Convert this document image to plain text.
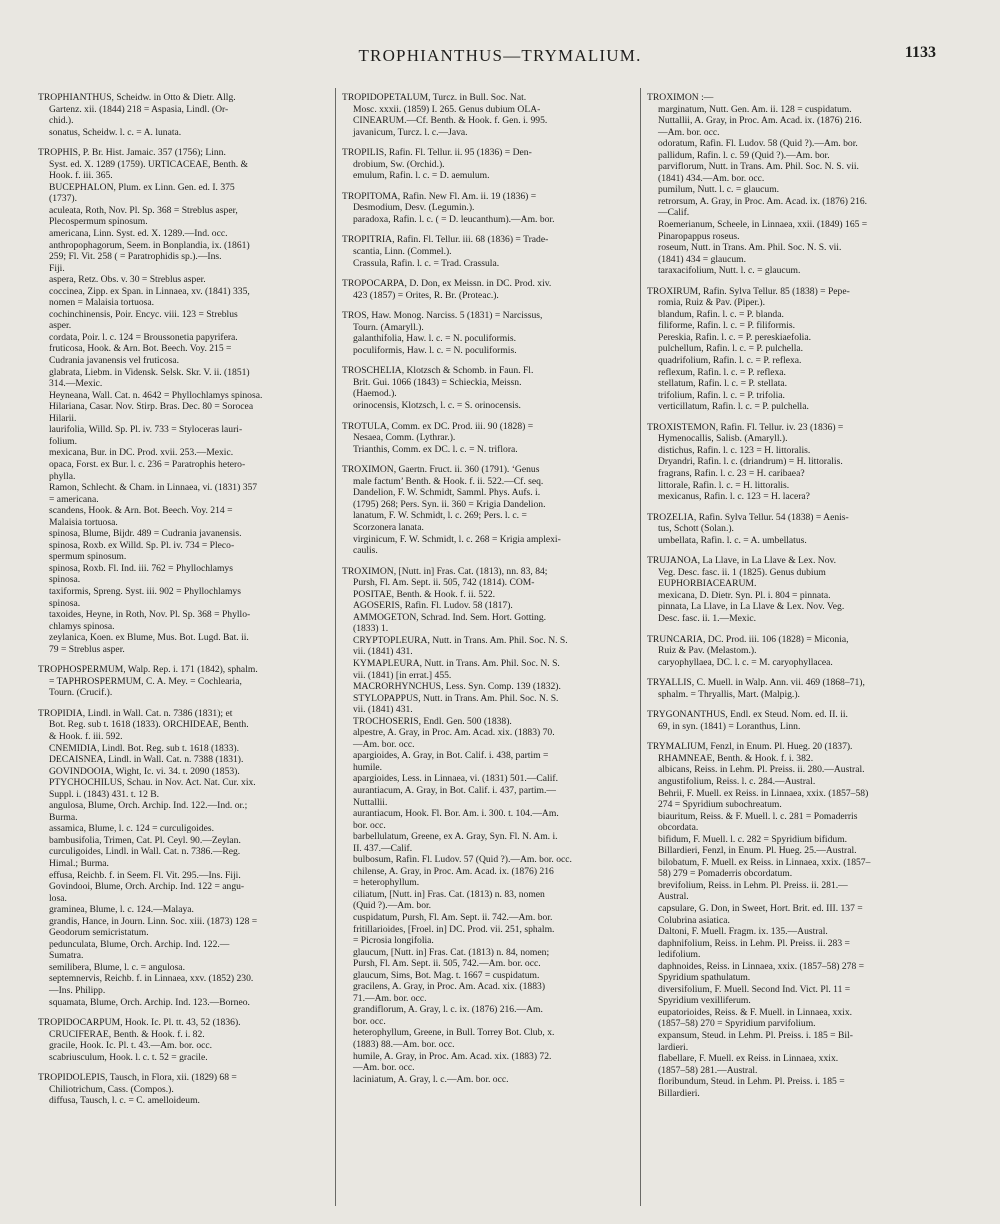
TROPHIANTHUS—TRYMALIUM.	1133
TROPHIANTHUS, Scheidw. in Otto & Dietr. Allg.
Gartenz. xii. (1844) 218 = Aspasia, Lindl. (Or-
chid.).
sonatus, Scheidw. l. c. = A. lunata.
TROPHIS, P. Br. Hist. Jamaic. 357 (1756); Linn.
Syst. ed. X. 1289 (1759). URTICACEAE, Benth. &
Hook. f. iii. 365.
BUCEPHALON, Plum. ex Linn. Gen. ed. I. 375
(1737).
aculeata, Roth, Nov. Pl. Sp. 368 = Streblus asper,
Plecospermum spinosum.
americana, Linn. Syst. ed. X. 1289.—Ind. occ.
anthropophagorum, Seem. in Bonplandia, ix. (1861)
259; Fl. Vit. 258 ( = Paratrophidis sp.).—Ins.
Fiji.
aspera, Retz. Obs. v. 30 = Streblus asper.
coccinea, Zipp. ex Span. in Linnaea, xv. (1841) 335,
nomen = Malaisia tortuosa.
cochinchinensis, Poir. Encyc. viii. 123 = Streblus
asper.
cordata, Poir. l. c. 124 = Broussonetia papyrifera.
fruticosa, Hook. & Arn. Bot. Beech. Voy. 215 =
Cudrania javanensis vel fruticosa.
glabrata, Liebm. in Vidensk. Selsk. Skr. V. ii. (1851)
314.—Mexic.
Heyneana, Wall. Cat. n. 4642 = Phyllochlamys spinosa.
Hilariana, Casar. Nov. Stirp. Bras. Dec. 80 = Sorocea
Hilarii.
laurifolia, Willd. Sp. Pl. iv. 733 = Styloceras lauri-
folium.
mexicana, Bur. in DC. Prod. xvii. 253.—Mexic.
opaca, Forst. ex Bur. l. c. 236 = Paratrophis hetero-
phylla.
Ramon, Schlecht. & Cham. in Linnaea, vi. (1831) 357
= americana.
scandens, Hook. & Arn. Bot. Beech. Voy. 214 =
Malaisia tortuosa.
spinosa, Blume, Bijdr. 489 = Cudrania javanensis.
spinosa, Roxb. ex Willd. Sp. Pl. iv. 734 = Pleco-
spermum spinosum.
spinosa, Roxb. Fl. Ind. iii. 762 = Phyllochlamys
spinosa.
taxiformis, Spreng. Syst. iii. 902 = Phyllochlamys
spinosa.
taxoides, Heyne, in Roth, Nov. Pl. Sp. 368 = Phyllo-
chlamys spinosa.
zeylanica, Koen. ex Blume, Mus. Bot. Lugd. Bat. ii.
79 = Streblus asper.
TROPHOSPERMUM, Walp. Rep. i. 171 (1842), sphalm.
= TAPHROSPERMUM, C. A. Mey. = Cochlearia,
Tourn. (Crucif.).
TROPIDIA, Lindl. in Wall. Cat. n. 7386 (1831); et
Bot. Reg. sub t. 1618 (1833). ORCHIDEAE, Benth.
& Hook. f. iii. 592.
CNEMIDIA, Lindl. Bot. Reg. sub t. 1618 (1833).
DECAISNEA, Lindl. in Wall. Cat. n. 7388 (1831).
GOVINDOOIA, Wight, Ic. vi. 34. t. 2090 (1853).
PTYCHOCHILUS, Schau. in Nov. Act. Nat. Cur. xix.
Suppl. i. (1843) 431. t. 12 B.
angulosa, Blume, Orch. Archip. Ind. 122.—Ind. or.;
Burma.
assamica, Blume, l. c. 124 = curculigoides.
bambusifolia, Trimen, Cat. Pl. Ceyl. 90.—Zeylan.
curculigoides, Lindl. in Wall. Cat. n. 7386.—Reg.
Himal.; Burma.
effusa, Reichb. f. in Seem. Fl. Vit. 295.—Ins. Fiji.
Govindooi, Blume, Orch. Archip. Ind. 122 = angu-
losa.
graminea, Blume, l. c. 124.—Malaya.
grandis, Hance, in Journ. Linn. Soc. xiii. (1873) 128 =
Geodorum semicristatum.
pedunculata, Blume, Orch. Archip. Ind. 122.—
Sumatra.
semilibera, Blume, l. c. = angulosa.
septemnervis, Reichb. f. in Linnaea, xxv. (1852) 230.
—Ins. Philipp.
squamata, Blume, Orch. Archip. Ind. 123.—Borneo.
TROPIDOCARPUM, Hook. Ic. Pl. tt. 43, 52 (1836).
CRUCIFERAE, Benth. & Hook. f. i. 82.
gracile, Hook. Ic. Pl. t. 43.—Am. bor. occ.
scabriusculum, Hook. l. c. t. 52 = gracile.
TROPIDOLEPIS, Tausch, in Flora, xii. (1829) 68 =
Chiliotrichum, Cass. (Compos.).
diffusa, Tausch, l. c. = C. amelloideum.
TROPIDOPETALUM, Turcz. in Bull. Soc. Nat.
Mosc. xxxii. (1859) I. 265. Genus dubium OLA-
CINEARUM.—Cf. Benth. & Hook. f. Gen. i. 995.
javanicum, Turcz. l. c.—Java.
TROPILIS, Rafin. Fl. Tellur. ii. 95 (1836) = Den-
drobium, Sw. (Orchid.).
emulum, Rafin. l. c. = D. aemulum.
TROPITOMA, Rafin. New Fl. Am. ii. 19 (1836) =
Desmodium, Desv. (Legumin.).
paradoxa, Rafin. l. c. ( = D. leucanthum).—Am. bor.
TROPITRIA, Rafin. Fl. Tellur. iii. 68 (1836) = Trade-
scantia, Linn. (Commel.).
Crassula, Rafin. l. c. = Trad. Crassula.
TROPOCARPA, D. Don, ex Meissn. in DC. Prod. xiv.
423 (1857) = Orites, R. Br. (Proteac.).
TROS, Haw. Monog. Narciss. 5 (1831) = Narcissus,
Tourn. (Amaryll.).
galanthifolia, Haw. l. c. = N. poculiformis.
poculiformis, Haw. l. c. = N. poculiformis.
TROSCHELIA, Klotzsch & Schomb. in Faun. Fl.
Brit. Gui. 1066 (1843) = Schieckia, Meissn.
(Haemod.).
orinocensis, Klotzsch, l. c. = S. orinocensis.
TROTULA, Comm. ex DC. Prod. iii. 90 (1828) =
Nesaea, Comm. (Lythrar.).
Trianthis, Comm. ex DC. l. c. = N. triflora.
TROXIMON, Gaertn. Fruct. ii. 360 (1791). ‘Genus
male factum’ Benth. & Hook. f. ii. 522.—Cf. seq.
Dandelion, F. W. Schmidt, Samml. Phys. Aufs. i.
(1795) 268; Pers. Syn. ii. 360 = Krigia Dandelion.
lanatum, F. W. Schmidt, l. c. 269; Pers. l. c. =
Scorzonera lanata.
virginicum, F. W. Schmidt, l. c. 268 = Krigia amplexi-
caulis.
TROXIMON, [Nutt. in] Fras. Cat. (1813), nn. 83, 84;
Pursh, Fl. Am. Sept. ii. 505, 742 (1814). COM-
POSITAE, Benth. & Hook. f. ii. 522.
AGOSERIS, Rafin. Fl. Ludov. 58 (1817).
AMMOGETON, Schrad. Ind. Sem. Hort. Gotting.
(1833) 1.
CRYPTOPLEURA, Nutt. in Trans. Am. Phil. Soc. N. S.
vii. (1841) 431.
KYMAPLEURA, Nutt. in Trans. Am. Phil. Soc. N. S.
vii. (1841) [in errat.] 455.
MACRORHYNCHUS, Less. Syn. Comp. 139 (1832).
STYLOPAPPUS, Nutt. in Trans. Am. Phil. Soc. N. S.
vii. (1841) 431.
TROCHOSERIS, Endl. Gen. 500 (1838).
alpestre, A. Gray, in Proc. Am. Acad. xix. (1883) 70.
—Am. bor. occ.
apargioides, A. Gray, in Bot. Calif. i. 438, partim =
humile.
apargioides, Less. in Linnaea, vi. (1831) 501.—Calif.
aurantiacum, A. Gray, in Bot. Calif. i. 437, partim.—
Nuttallii.
aurantiacum, Hook. Fl. Bor. Am. i. 300. t. 104.—Am.
bor. occ.
barbellulatum, Greene, ex A. Gray, Syn. Fl. N. Am. i.
II. 437.—Calif.
bulbosum, Rafin. Fl. Ludov. 57 (Quid ?).—Am. bor. occ.
chilense, A. Gray, in Proc. Am. Acad. ix. (1876) 216
= heterophyllum.
ciliatum, [Nutt. in] Fras. Cat. (1813) n. 83, nomen
(Quid ?).—Am. bor.
cuspidatum, Pursh, Fl. Am. Sept. ii. 742.—Am. bor.
fritillarioides, [Froel. in] DC. Prod. vii. 251, sphalm.
= Picrosia longifolia.
glaucum, [Nutt. in] Fras. Cat. (1813) n. 84, nomen;
Pursh, Fl. Am. Sept. ii. 505, 742.—Am. bor. occ.
glaucum, Sims, Bot. Mag. t. 1667 = cuspidatum.
gracilens, A. Gray, in Proc. Am. Acad. xix. (1883)
71.—Am. bor. occ.
grandiflorum, A. Gray, l. c. ix. (1876) 216.—Am.
bor. occ.
heterophyllum, Greene, in Bull. Torrey Bot. Club, x.
(1883) 88.—Am. bor. occ.
humile, A. Gray, in Proc. Am. Acad. xix. (1883) 72.
—Am. bor. occ.
laciniatum, A. Gray, l. c.—Am. bor. occ.
TROXIMON :—
marginatum, Nutt. Gen. Am. ii. 128 = cuspidatum.
Nuttallii, A. Gray, in Proc. Am. Acad. ix. (1876) 216.
—Am. bor. occ.
odoratum, Rafin. Fl. Ludov. 58 (Quid ?).—Am. bor.
pallidum, Rafin. l. c. 59 (Quid ?).—Am. bor.
parviflorum, Nutt. in Trans. Am. Phil. Soc. N. S. vii.
(1841) 434.—Am. bor. occ.
pumilum, Nutt. l. c. = glaucum.
retrorsum, A. Gray, in Proc. Am. Acad. ix. (1876) 216.
—Calif.
Roemerianum, Scheele, in Linnaea, xxii. (1849) 165 =
Pinaropappus roseus.
roseum, Nutt. in Trans. Am. Phil. Soc. N. S. vii.
(1841) 434 = glaucum.
taraxacifolium, Nutt. l. c. = glaucum.
TROXIRUM, Rafin. Sylva Tellur. 85 (1838) = Pepe-
romia, Ruiz & Pav. (Piper.).
blandum, Rafin. l. c. = P. blanda.
filiforme, Rafin. l. c. = P. filiformis.
Pereskia, Rafin. l. c. = P. pereskiaefolia.
pulchellum, Rafin. l. c. = P. pulchella.
quadrifolium, Rafin. l. c. = P. reflexa.
reflexum, Rafin. l. c. = P. reflexa.
stellatum, Rafin. l. c. = P. stellata.
trifolium, Rafin. l. c. = P. trifolia.
verticillatum, Rafin. l. c. = P. pulchella.
TROXISTEMON, Rafin. Fl. Tellur. iv. 23 (1836) =
Hymenocallis, Salisb. (Amaryll.).
distichus, Rafin. l. c. 123 = H. littoralis.
Dryandri, Rafin. l. c. (driandrum) = H. littoralis.
fragrans, Rafin. l. c. 23 = H. caribaea?
littorale, Rafin. l. c. = H. littoralis.
mexicanus, Rafin. l. c. 123 = H. lacera?
TROZELIA, Rafin. Sylva Tellur. 54 (1838) = Aenis-
tus, Schott (Solan.).
umbellata, Rafin. l. c. = A. umbellatus.
TRUJANOA, La Llave, in La Llave & Lex. Nov.
Veg. Desc. fasc. ii. 1 (1825). Genus dubium
EUPHORBIACEARUM.
mexicana, D. Dietr. Syn. Pl. i. 804 = pinnata.
pinnata, La Llave, in La Llave & Lex. Nov. Veg.
Desc. fasc. ii. 1.—Mexic.
TRUNCARIA, DC. Prod. iii. 106 (1828) = Miconia,
Ruiz & Pav. (Melastom.).
caryophyllaea, DC. l. c. = M. caryophyllacea.
TRYALLIS, C. Muell. in Walp. Ann. vii. 469 (1868–71),
sphalm. = Thryallis, Mart. (Malpig.).
TRYGONANTHUS, Endl. ex Steud. Nom. ed. II. ii.
69, in syn. (1841) = Loranthus, Linn.
TRYMALIUM, Fenzl, in Enum. Pl. Hueg. 20 (1837).
RHAMNEAE, Benth. & Hook. f. i. 382.
albicans, Reiss. in Lehm. Pl. Preiss. ii. 280.—Austral.
angustifolium, Reiss. l. c. 284.—Austral.
Behrii, F. Muell. ex Reiss. in Linnaea, xxix. (1857–58)
274 = Spyridium subochreatum.
biauritum, Reiss. & F. Muell. l. c. 281 = Pomaderris
obcordata.
bifidum, F. Muell. l. c. 282 = Spyridium bifidum.
Billardieri, Fenzl, in Enum. Pl. Hueg. 25.—Austral.
bilobatum, F. Muell. ex Reiss. in Linnaea, xxix. (1857–
58) 279 = Pomaderris obcordatum.
brevifolium, Reiss. in Lehm. Pl. Preiss. ii. 281.—
Austral.
capsulare, G. Don, in Sweet, Hort. Brit. ed. III. 137 =
Colubrina asiatica.
Daltoni, F. Muell. Fragm. ix. 135.—Austral.
daphnifolium, Reiss. in Lehm. Pl. Preiss. ii. 283 =
ledifolium.
daphnoides, Reiss. in Linnaea, xxix. (1857–58) 278 =
Spyridium spathulatum.
diversifolium, F. Muell. Second Ind. Vict. Pl. 11 =
Spyridium vexilliferum.
eupatorioides, Reiss. & F. Muell. in Linnaea, xxix.
(1857–58) 270 = Spyridium parvifolium.
expansum, Steud. in Lehm. Pl. Preiss. i. 185 = Bil-
lardieri.
flabellare, F. Muell. ex Reiss. in Linnaea, xxix.
(1857–58) 281.—Austral.
floribundum, Steud. in Lehm. Pl. Preiss. i. 185 =
Billardieri.
